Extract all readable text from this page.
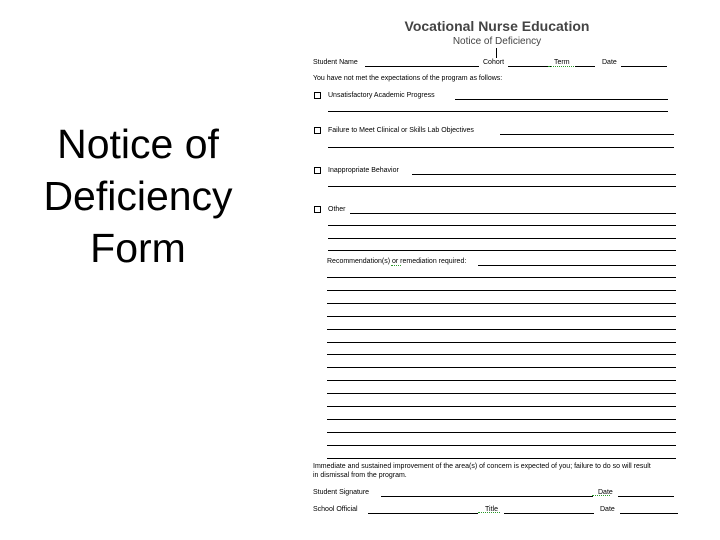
Notice of
Deficiency
Form
Vocational Nurse Education
Notice of Deficiency
Student Name	Cohort	Term	Date
You have not met the expectations of the program as follows:
Unsatisfactory Academic Progress
Failure to Meet Clinical or Skills Lab Objectives
Inappropriate Behavior
Other
Recommendation(s) or remediation required:
Immediate and sustained improvement of the area(s) of concern is expected of you; failure to do so will result
in dismissal from the program.
Student Signature	Date
School Official	Title	Date
